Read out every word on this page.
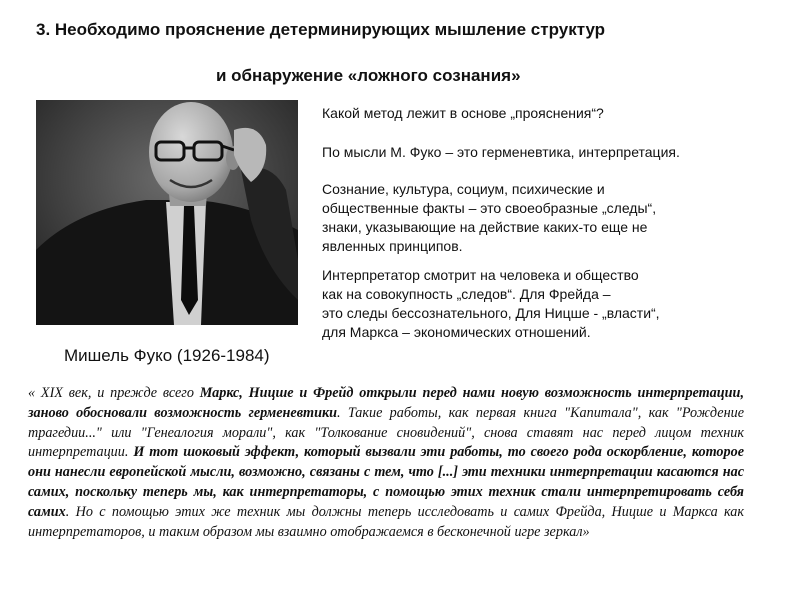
3. Необходимо прояснение детерминирующих мышление структур
и обнаружение «ложного сознания»

Мишель Фуко (1926-1984)

Какой метод лежит в основе „прояснения“?

По мысли М. Фуко – это герменевтика, интерпретация.

Сознание, культура, социум, психические и
общественные факты – это своеобразные „следы“,
знаки, указывающие на действие каких-то еще не
явленных принципов.

Интерпретатор смотрит на человека и общество
как на совокупность „следов“. Для Фрейда –
это следы бессознательного, Для Ницше - „власти“,
для Маркса – экономических отношений.

« XIX век, и прежде всего Маркс, Ницше и Фрейд открыли перед нами новую возможность интерпретации, заново обосновали возможность герменевтики. Такие работы, как первая книга "Капитала", как "Рождение трагедии..." или "Генеалогия морали", как "Толкование сновидений", снова ставят нас перед лицом техник интерпретации. И тот шоковый эффект, который вызвали эти работы, то своего рода оскорбление, которое они нанесли европейской мысли, возможно, связаны с тем, что [...] эти техники интерпретации касаются нас самих, поскольку теперь мы, как интерпретаторы, с помощью этих техник стали интерпретировать себя самих. Но с помощью этих же техник мы должны теперь исследовать и самих Фрейда, Ницше и Маркса как интерпретаторов, и таким образом мы взаимно отображаемся в бесконечной игре зеркал»
